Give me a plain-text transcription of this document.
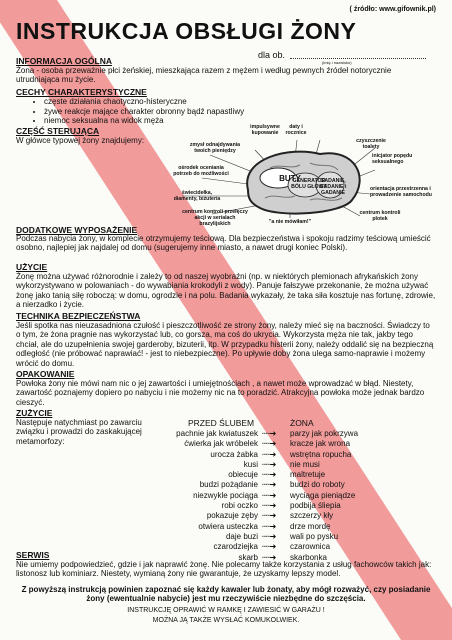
( źródło: www.gifownik.pl)
INSTRUKCJA OBSŁUGI ŻONY
dla ob.
(imię i nazwisko)
INFORMACJA OGÓLNA
Żona - osoba przeważnie płci żeńskiej, mieszkająca razem z mężem i według pewnych źródeł notorycznie utrudniająca mu życie.
CECHY CHARAKTERYSTYCZNE
• częste działania chaotyczno-histeryczne
• żywe reakcje mające charakter obronny bądź napastliwy
• niemoc seksualna na widok męża
CZĘŚĆ STERUJĄCA
W główce typowej żony znajdujemy:
BUTY
GENERATOR BÓLU GŁOWY
GADANIE, GADANIE i GADANIE
impulsywne kupowanie
daty i rocznice
czyszczenie toalety
zmysł odnajdywania twoich pieniędzy
inicjator popędu seksualnego
ośrodek oceniania potrzeb do możliwości
świecidełka, diamenty, biżuteria
orientacja przestrzenna i prowadzenie samochodu
centrum kontroli przełęczy akcji w serialach brazylijskich	"a nie mówiłam!"
centrum kontroli plotek
DODATKOWE WYPOSAŻENIE
Podczas nabycia żony, w komplecie otrzymujemy teściową. Dla bezpieczeństwa i spokoju radzimy teściową umieścić osobno, najlepiej jak najdalej od domu (sugerujemy inne miasto, a nawet drugi koniec Polski).
UŻYCIE
Żonę można używać różnorodnie i zależy to od naszej wyobraźni (np. w niektórych plemionach afrykańskich żony wykorzystywano w polowaniach - do wywabiania krokodyli z wody). Panuje fałszywe przekonanie, że można używać żonę jako tanią siłę roboczą: w domu, ogrodzie i na polu. Badania wykazały, że taka siła kosztuje nas fortunę, zdrowie, a nierzadko i życie.
TECHNIKA BEZPIECZEŃSTWA
Jeśli spotka nas nieuzasadniona czułość i pieszczotliwość ze strony żony, należy mieć się na baczności. Świadczy to o tym, że żona pragnie nas wykorzystać lub, co gorsza, ma coś do ukrycia. Wykorzysta męża nie tak, jakby tego chciał, ale do uzupełnienia swojej garderoby, bizuterii, itp. W przypadku histerii żony, należy oddalić się na bezpieczną odległość (nie próbować naprawiać! - jest to niebezpieczne). Po upływie doby żona ulega samo-naprawie i możemy wrócić do domu.
OPAKOWANIE
Powłoka żony nie mówi nam nic o jej zawartości i umiejętnościach , a nawet może wprowadzać w błąd. Niestety, zawartość poznajemy dopiero po nabyciu i nie możemy nic na to poradzić. Atrakcyjna powłoka może jednak bardzo cieszyć.
ZUŻYCIE
Następuje natychmiast po zawarciu związku i prowadzi do zaskakującej metamorfozy:
PRZED ŚLUBEM	ŻONA
pachnie jak kwiatuszek ┄┄➜ parzy jak pokrzywa
ćwierka jak wróbelek ┄┄➜ kracze jak wrona
urocza żabka ┄┄➜ wstrętna ropucha
kusi ┄┄➜ nie musi
obiecuje ┄┄➜ maltretuje
budzi pożądanie ┄┄➜ budzi do roboty
niezwykle pociąga ┄┄➜ wyciąga pieniądze
robi oczko ┄┄➜ podbija śliepia
pokazuje zęby ┄┄➜ szczerzy kły
otwiera usteczka ┄┄➜ drze mordę
daje buzi ┄┄➜ wali po pysku
czarodziejka ┄┄➜ czarownica
skarb ┄┄➜ skarbonka
SERWIS
Nie umiemy podpowiedzieć, gdzie i jak naprawić żonę. Nie polecamy także korzystania z usług fachowców takich jak: listonosz lub kominiarz. Niestety, wymianą żony nie gwarantuje, że uzyskamy lepszy model.
Z powyższą instrukcją powinien zapoznać się każdy kawaler lub żonaty, aby mógł rozważyć, czy posiadanie żony (ewentualnie nabycie) jest mu rzeczywiście niezbędne do szczęścia.
INSTRUKCJĘ OPRAWIĆ W RAMKĘ I ZAWIESIĆ W GARAŻU !
MOŻNA JĄ TAKŻE WYSŁAĆ KOMUKOLWIEK.
